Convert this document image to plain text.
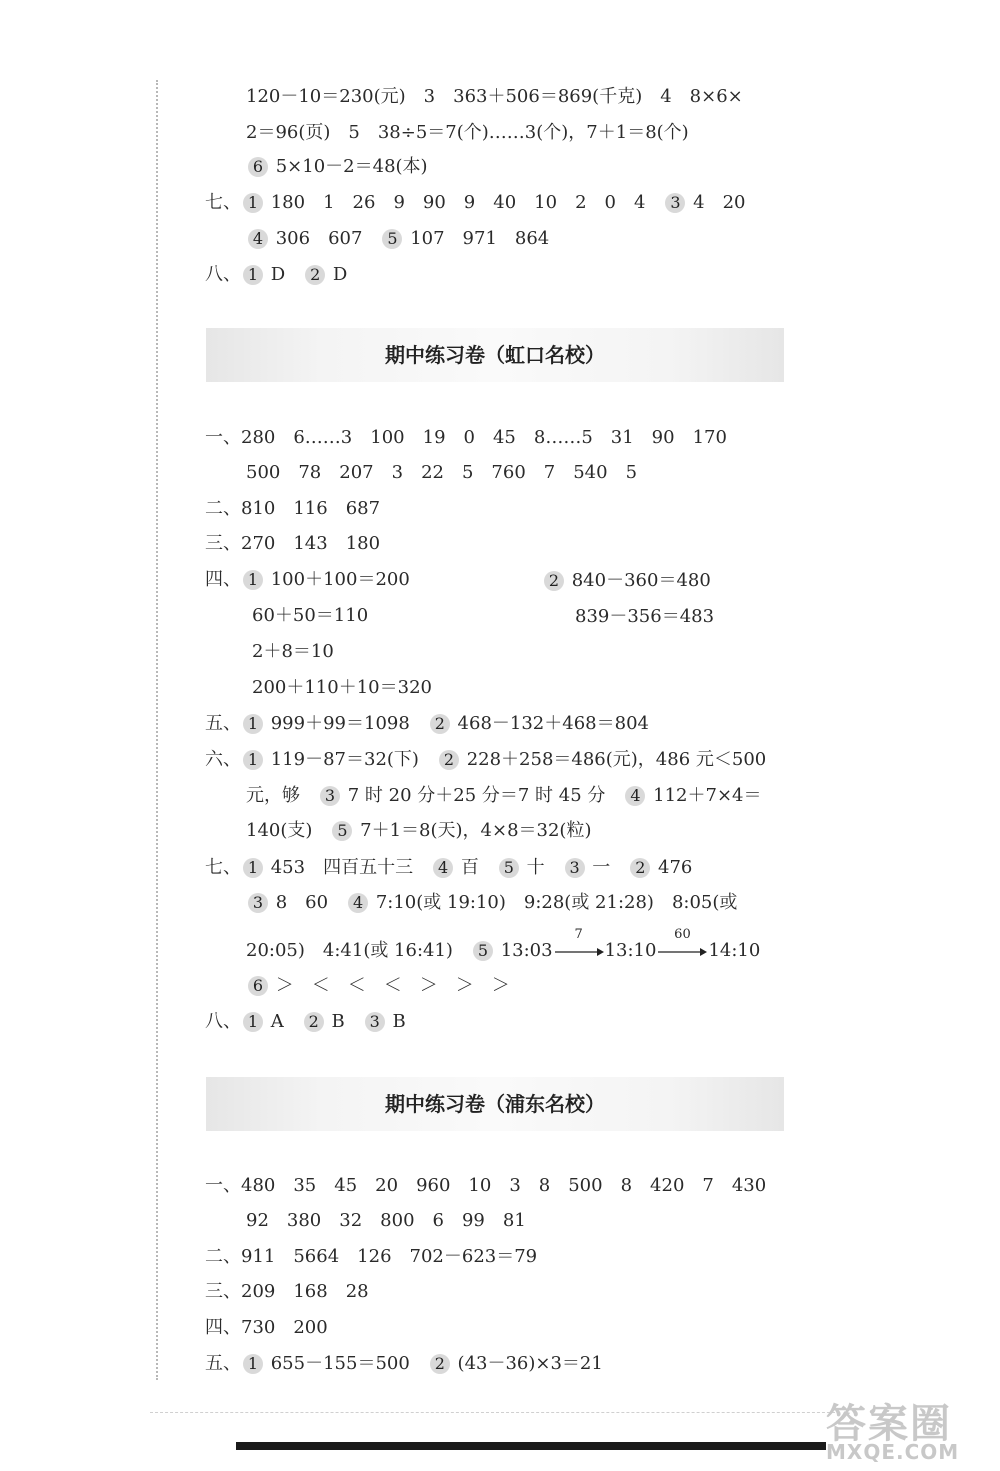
120－10＝230(元)　3　363＋506＝869(千克)　4　8×6×
2＝96(页)　5　38÷5＝7(个)……3(个)，7＋1＝8(个)
6 5×10－2＝48(本)
七、 1 180　1　26　9　90　9　40　10　2　0　4　 3 4　20
4 306　607　 5 107　971　864
八、 1 D　 2 D
期中练习卷（虹口名校）
一、280　6……3　100　19　0　45　8……5　31　90　170
500　78　207　3　22　5　760　7　540　5
二、810　116　687
三、270　143　180
四、 1 100＋100＝200	2 840－360＝480
60＋50＝110	839－356＝483
2＋8＝10
200＋110＋10＝320
五、 1 999＋99＝1098　 2 468－132＋468＝804
六、 1 119－87＝32(下)　 2 228＋258＝486(元)，486 元＜500
元，够　 3 7 时 20 分＋25 分＝7 时 45 分　 4 112＋7×4＝
140(支)　 5 7＋1＝8(天)，4×8＝32(粒)
七、 1 453　四百五十三　 4 百　 5 十　 3 一　 2 476
3 8　60　 4 7:10(或 19:10)　9:28(或 21:28)　8:05(或
20:05)　4:41(或 16:41)　 5 13:03
7
13:10
60
14:10
6 ＞　＜　＜　＜　＞　＞　＞
八、 1 A　 2 B　 3 B
期中练习卷（浦东名校）
一、480　35　45　20　960　10　3　8　500　8　420　7　430
92　380　32　800　6　99　81
二、911　5664　126　702－623＝79
三、209　168　28
四、730　200
五、 1 655－155＝500　 2 (43－36)×3＝21
答案圈
MXQE.COM
